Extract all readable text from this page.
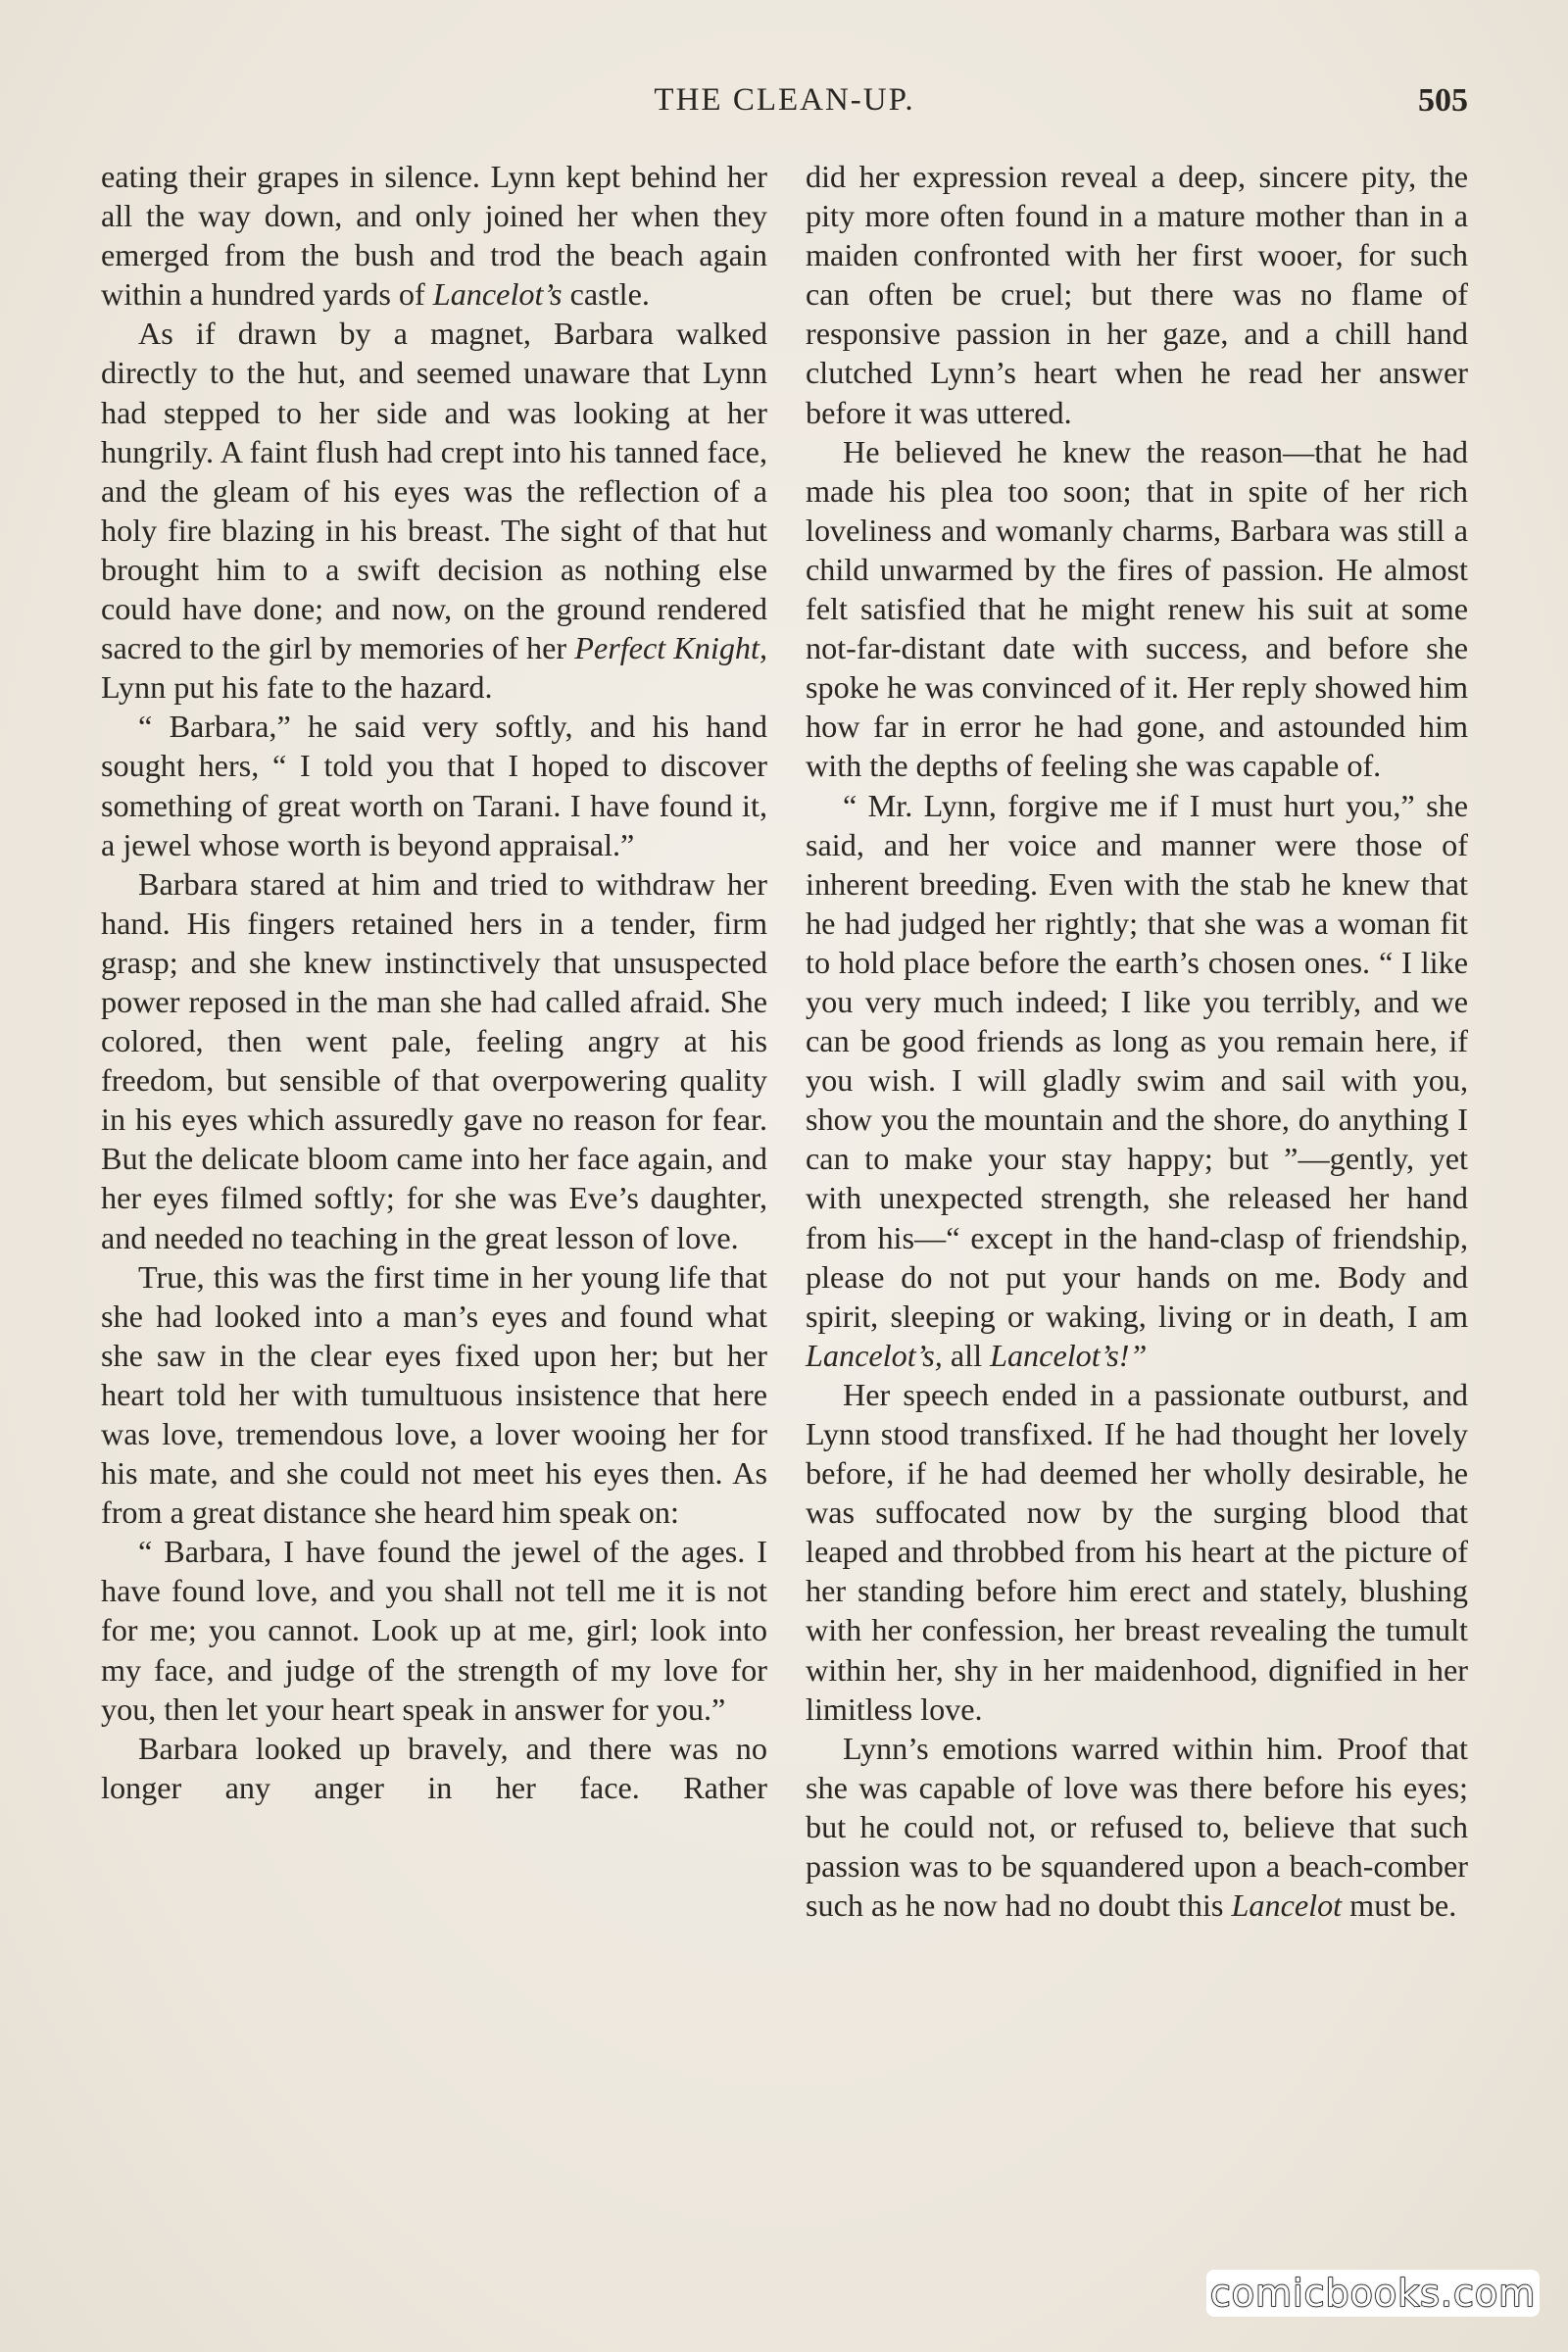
THE CLEAN-UP.	505

eating their grapes in silence. Lynn kept behind her all the way down, and only joined her when they emerged from the bush and trod the beach again within a hundred yards of Lancelot’s castle.

As if drawn by a magnet, Barbara walked directly to the hut, and seemed unaware that Lynn had stepped to her side and was looking at her hungrily. A faint flush had crept into his tanned face, and the gleam of his eyes was the reflection of a holy fire blazing in his breast. The sight of that hut brought him to a swift decision as nothing else could have done; and now, on the ground rendered sacred to the girl by memories of her Perfect Knight, Lynn put his fate to the hazard.

“ Barbara,” he said very softly, and his hand sought hers, “ I told you that I hoped to discover something of great worth on Tarani. I have found it, a jewel whose worth is beyond appraisal.”

Barbara stared at him and tried to withdraw her hand. His fingers retained hers in a tender, firm grasp; and she knew instinctively that unsuspected power reposed in the man she had called afraid. She colored, then went pale, feeling angry at his freedom, but sensible of that overpowering quality in his eyes which assuredly gave no reason for fear. But the delicate bloom came into her face again, and her eyes filmed softly; for she was Eve’s daughter, and needed no teaching in the great lesson of love.

True, this was the first time in her young life that she had looked into a man’s eyes and found what she saw in the clear eyes fixed upon her; but her heart told her with tumultuous insistence that here was love, tremendous love, a lover wooing her for his mate, and she could not meet his eyes then. As from a great distance she heard him speak on:

“ Barbara, I have found the jewel of the ages. I have found love, and you shall not tell me it is not for me; you cannot. Look up at me, girl; look into my face, and judge of the strength of my love for you, then let your heart speak in answer for you.”

Barbara looked up bravely, and there was no longer any anger in her face. Rather

did her expression reveal a deep, sincere pity, the pity more often found in a mature mother than in a maiden confronted with her first wooer, for such can often be cruel; but there was no flame of responsive passion in her gaze, and a chill hand clutched Lynn’s heart when he read her answer before it was uttered.

He believed he knew the reason—that he had made his plea too soon; that in spite of her rich loveliness and womanly charms, Barbara was still a child unwarmed by the fires of passion. He almost felt satisfied that he might renew his suit at some not-far-distant date with success, and before she spoke he was convinced of it. Her reply showed him how far in error he had gone, and astounded him with the depths of feeling she was capable of.

“ Mr. Lynn, forgive me if I must hurt you,” she said, and her voice and manner were those of inherent breeding. Even with the stab he knew that he had judged her rightly; that she was a woman fit to hold place before the earth’s chosen ones. “ I like you very much indeed; I like you terribly, and we can be good friends as long as you remain here, if you wish. I will gladly swim and sail with you, show you the mountain and the shore, do anything I can to make your stay happy; but ”—gently, yet with unexpected strength, she released her hand from his—“ except in the hand-clasp of friendship, please do not put your hands on me. Body and spirit, sleeping or waking, living or in death, I am Lancelot’s, all Lancelot’s!”

Her speech ended in a passionate outburst, and Lynn stood transfixed. If he had thought her lovely before, if he had deemed her wholly desirable, he was suffocated now by the surging blood that leaped and throbbed from his heart at the picture of her standing before him erect and stately, blushing with her confession, her breast revealing the tumult within her, shy in her maidenhood, dignified in her limitless love.

Lynn’s emotions warred within him. Proof that she was capable of love was there before his eyes; but he could not, or refused to, believe that such passion was to be squandered upon a beach-comber such as he now had no doubt this Lancelot must be.

comicbooks.com
